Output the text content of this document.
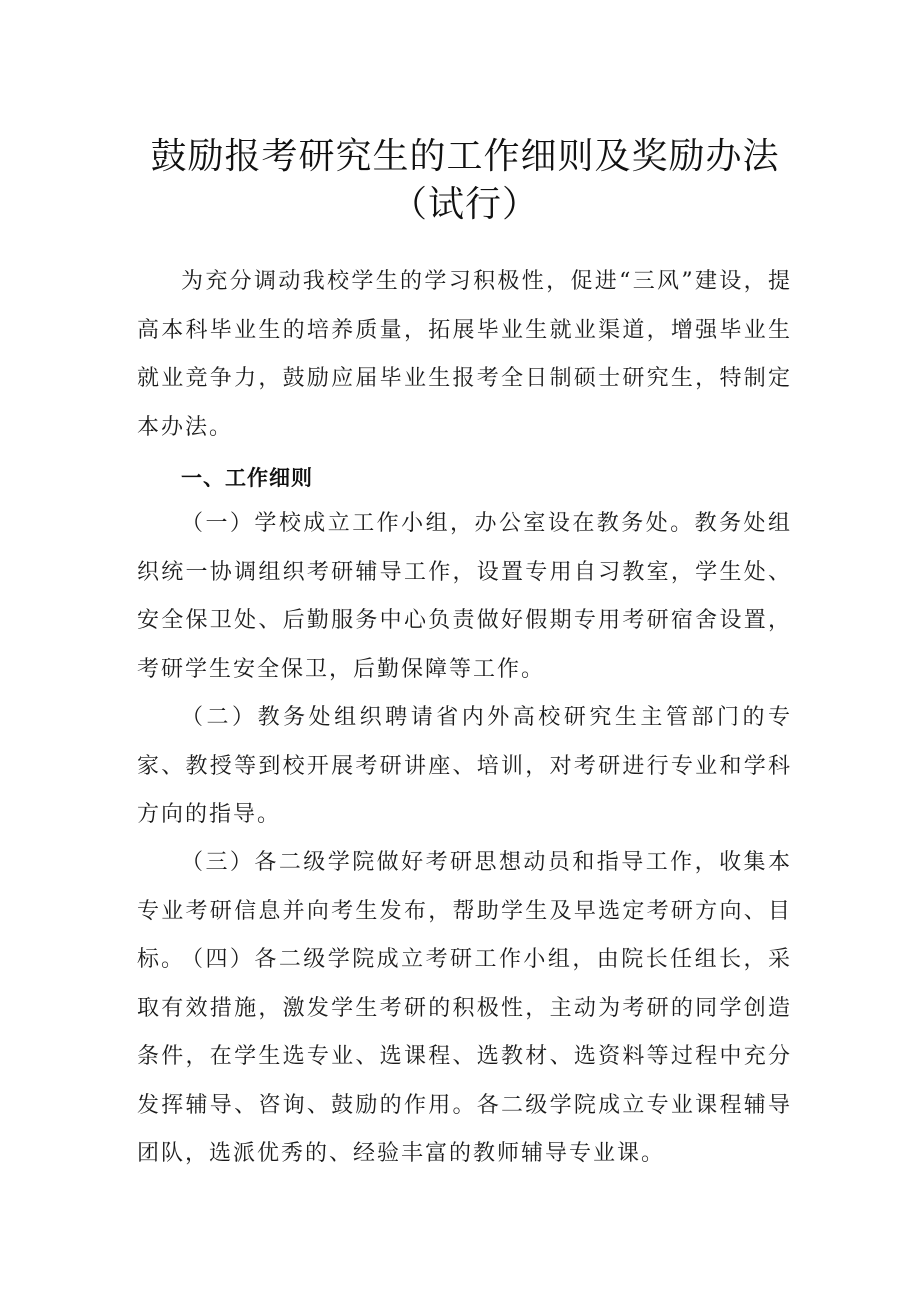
鼓励报考研究生的工作细则及奖励办法（试行）

为充分调动我校学生的学习积极性，促进“三风”建设，提高本科毕业生的培养质量，拓展毕业生就业渠道，增强毕业生就业竞争力，鼓励应届毕业生报考全日制硕士研究生，特制定本办法。

一、工作细则

（一）学校成立工作小组，办公室设在教务处。教务处组织统一协调组织考研辅导工作，设置专用自习教室，学生处、安全保卫处、后勤服务中心负责做好假期专用考研宿舍设置，考研学生安全保卫，后勤保障等工作。

（二）教务处组织聘请省内外高校研究生主管部门的专家、教授等到校开展考研讲座、培训，对考研进行专业和学科方向的指导。

（三）各二级学院做好考研思想动员和指导工作，收集本专业考研信息并向考生发布，帮助学生及早选定考研方向、目标。

（四）各二级学院成立考研工作小组，由院长任组长，采取有效措施，激发学生考研的积极性，主动为考研的同学创造条件，在学生选专业、选课程、选教材、选资料等过程中充分发挥辅导、咨询、鼓励的作用。各二级学院成立专业课程辅导团队，选派优秀的、经验丰富的教师辅导专业课。
